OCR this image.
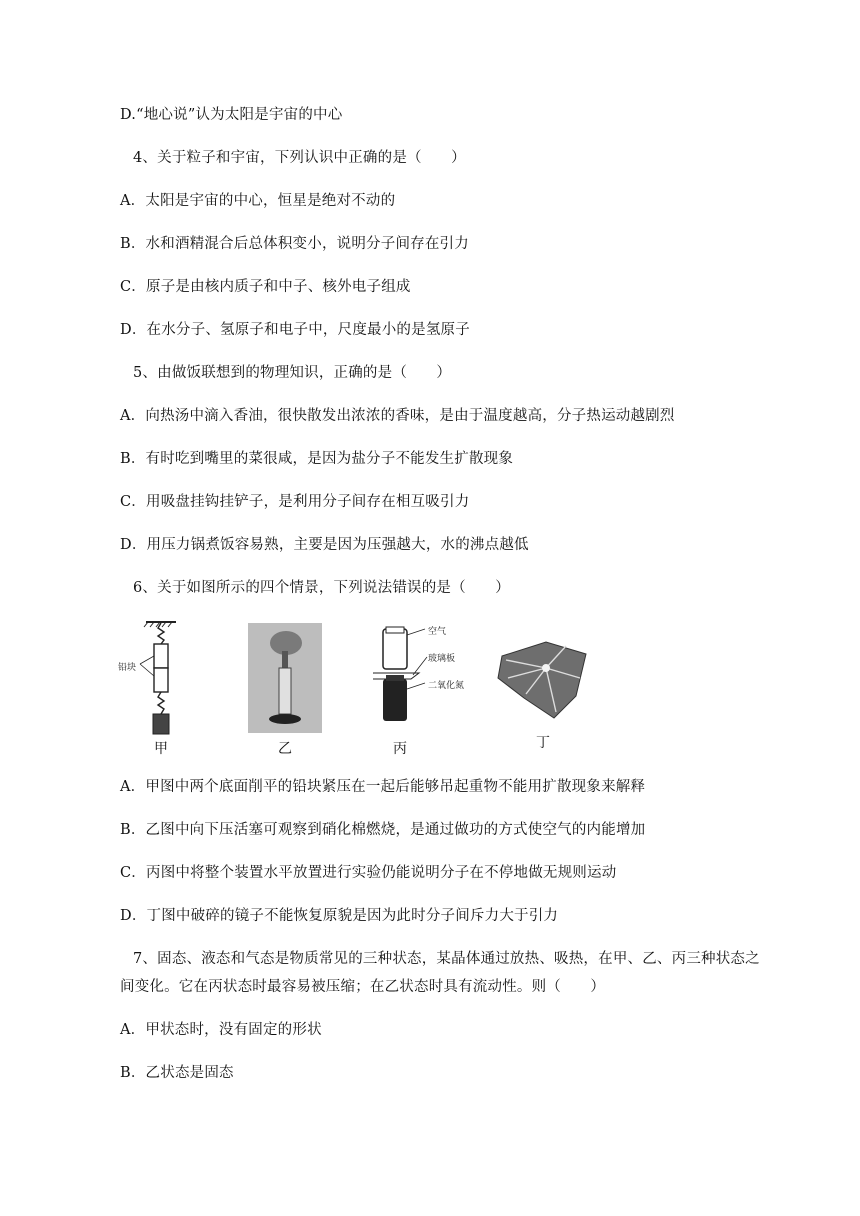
D.“地心说”认为太阳是宇宙的中心
4、关于粒子和宇宙，下列认识中正确的是（　　）
A．太阳是宇宙的中心，恒星是绝对不动的
B．水和酒精混合后总体积变小，说明分子间存在引力
C．原子是由核内质子和中子、核外电子组成
D．在水分子、氢原子和电子中，尺度最小的是氢原子
5、由做饭联想到的物理知识，正确的是（　　）
A．向热汤中滴入香油，很快散发出浓浓的香味，是由于温度越高，分子热运动越剧烈
B．有时吃到嘴里的菜很咸，是因为盐分子不能发生扩散现象
C．用吸盘挂钩挂铲子，是利用分子间存在相互吸引力
D．用压力锅煮饭容易熟，主要是因为压强越大，水的沸点越低
6、关于如图所示的四个情景，下列说法错误的是（　　）
铅块
甲	乙
空气
玻璃板
二氧化氮
丙	丁
A．甲图中两个底面削平的铅块紧压在一起后能够吊起重物不能用扩散现象来解释
B．乙图中向下压活塞可观察到硝化棉燃烧，是通过做功的方式使空气的内能增加
C．丙图中将整个装置水平放置进行实验仍能说明分子在不停地做无规则运动
D．丁图中破碎的镜子不能恢复原貌是因为此时分子间斥力大于引力
7、固态、液态和气态是物质常见的三种状态，某晶体通过放热、吸热，在甲、乙、丙三种状态之
间变化。它在丙状态时最容易被压缩；在乙状态时具有流动性。则（　　）
A．甲状态时，没有固定的形状
B．乙状态是固态
